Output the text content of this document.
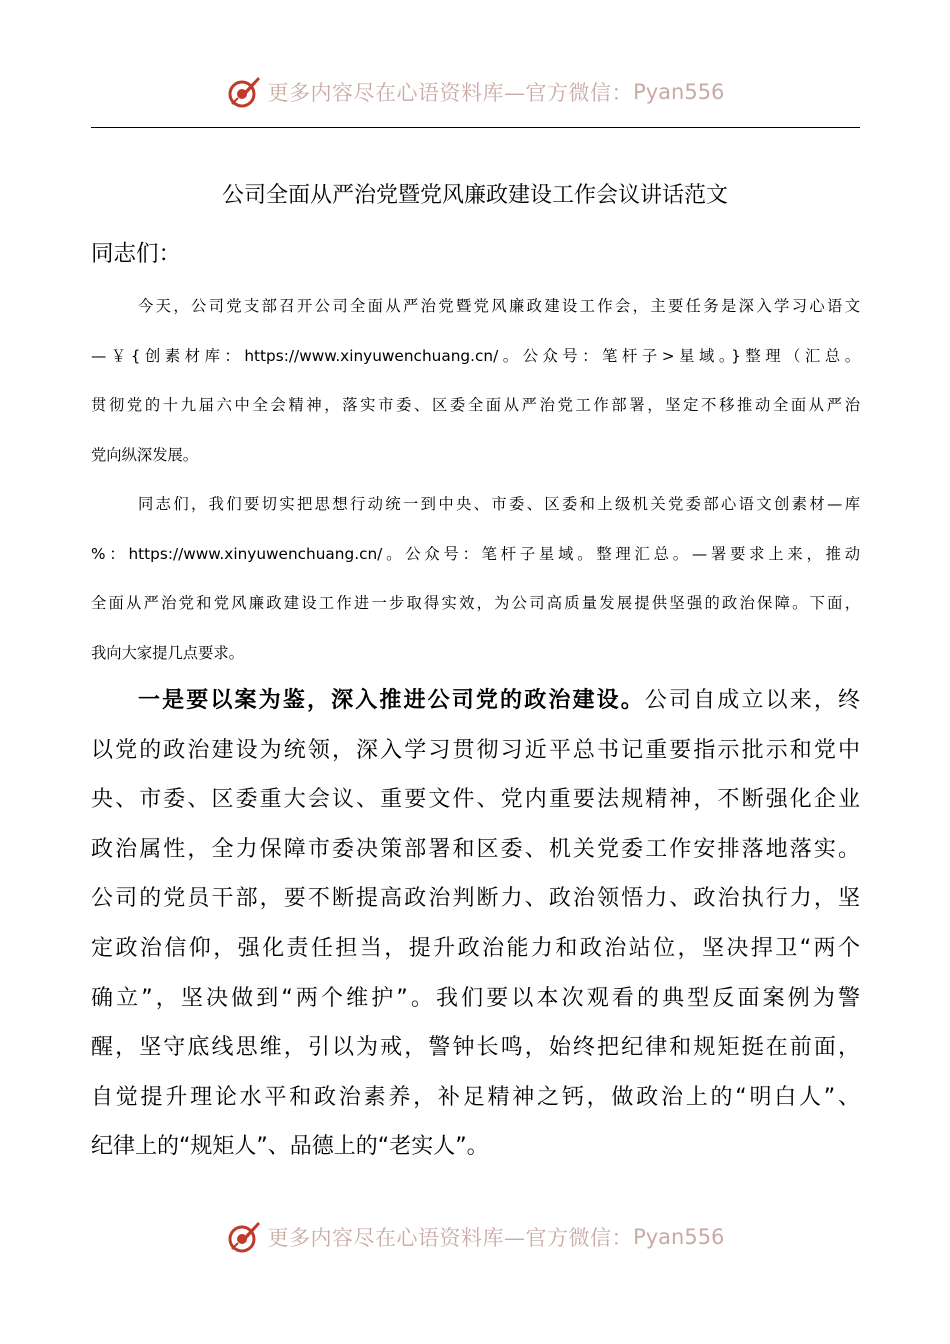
更多内容尽在心语资料库—官方微信： Pyan556
公司全面从严治党暨党风廉政建设工作会议讲话范文
同志们：
今天，公司党支部召开公司全面从严治党暨党风廉政建设工作会，主要任务是深入学习心语文
—￥{创素材库：https://www.xinyuwenchuang.cn/。公众号：笔杆子>星域。}整理（汇总。
贯彻党的十九届六中全会精神，落实市委、区委全面从严治党工作部署，坚定不移推动全面从严治
党向纵深发展。
同志们，我们要切实把思想行动统一到中央、市委、区委和上级机关党委部心语文创素材—库
%：https://www.xinyuwenchuang.cn/。公众号：笔杆子星域。整理汇总。—署要求上来，推动
全面从严治党和党风廉政建设工作进一步取得实效，为公司高质量发展提供坚强的政治保障。下面，
我向大家提几点要求。
一是要以案为鉴，深入推进公司党的政治建设。公司自成立以来，终
以党的政治建设为统领，深入学习贯彻习近平总书记重要指示批示和党中
央、市委、区委重大会议、重要文件、党内重要法规精神，不断强化企业
政治属性，全力保障市委决策部署和区委、机关党委工作安排落地落实。
公司的党员干部，要不断提高政治判断力、政治领悟力、政治执行力，坚
定政治信仰，强化责任担当，提升政治能力和政治站位，坚决捍卫“两个
确立”，坚决做到“两个维护”。我们要以本次观看的典型反面案例为警
醒，坚守底线思维，引以为戒，警钟长鸣，始终把纪律和规矩挺在前面，
自觉提升理论水平和政治素养，补足精神之钙，做政治上的“明白人”、
纪律上的“规矩人”、品德上的“老实人”。
更多内容尽在心语资料库—官方微信： Pyan556
